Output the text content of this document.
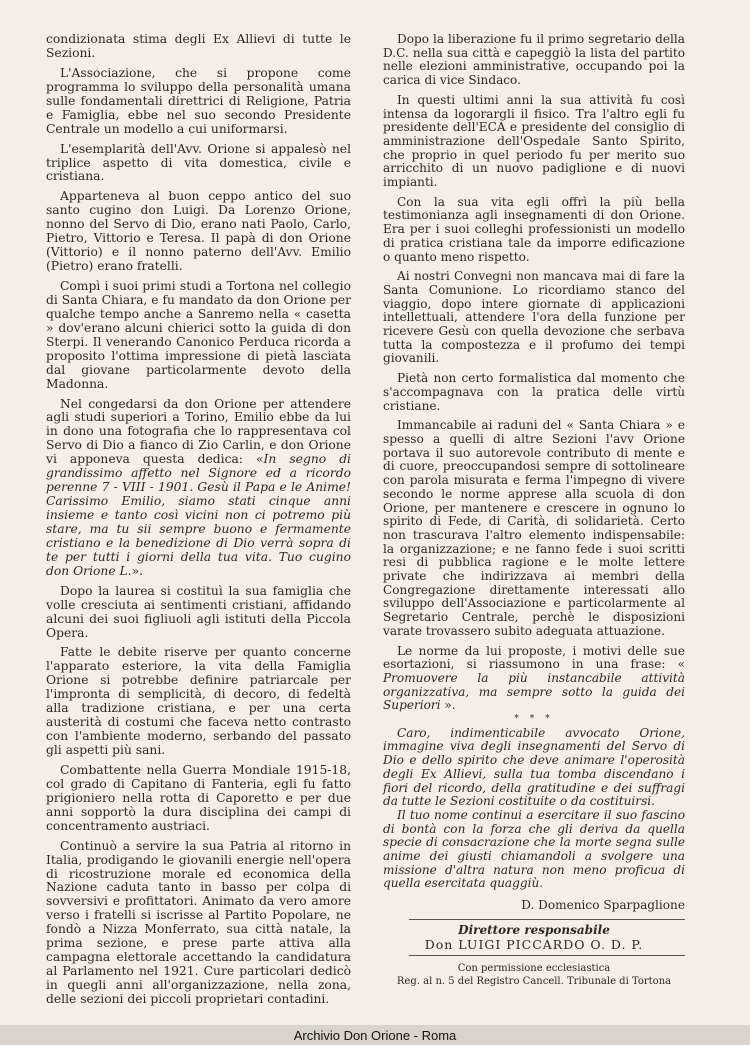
condizionata stima degli Ex Allievi di tutte le Sezioni.

L'Associazione, che si propone come programma lo sviluppo della personalità umana sulle fondamentali direttrici di Religione, Patria e Famiglia, ebbe nel suo secondo Presidente Centrale un modello a cui uniformarsi.

L'esemplarità dell'Avv. Orione si appalesò nel triplice aspetto di vita domestica, civile e cristiana.

Apparteneva al buon ceppo antico del suo santo cugino don Luigi. Da Lorenzo Orione, nonno del Servo di Dio, erano nati Paolo, Carlo, Pietro, Vittorio e Teresa. Il papà di don Orione (Vittorio) e il nonno paterno dell'Avv. Emilio (Pietro) erano fratelli.

Compì i suoi primi studi a Tortona nel collegio di Santa Chiara, e fu mandato da don Orione per qualche tempo anche a Sanremo nella « casetta » dov'erano alcuni chierici sotto la guida di don Sterpi. Il venerando Canonico Perduca ricorda a proposito l'ottima impressione di pietà lasciata dal giovane particolarmente devoto della Madonna.

Nel congedarsi da don Orione per attendere agli studi superiori a Torino, Emilio ebbe da lui in dono una fotografia che lo rappresentava col Servo di Dio a fianco di Zio Carlin, e don Orione vi apponeva questa dedica: «In segno di grandissimo affetto nel Signore ed a ricordo perenne 7 - VIII - 1901. Gesù il Papa e le Anime! Carissimo Emilio, siamo stati cinque anni insieme e tanto così vicini non ci potremo più stare, ma tu sii sempre buono e fermamente cristiano e la benedizione di Dio verrà sopra di te per tutti i giorni della tua vita. Tuo cugino don Orione L.».

Dopo la laurea si costituì la sua famiglia che volle cresciuta ai sentimenti cristiani, affidando alcuni dei suoi figliuoli agli istituti della Piccola Opera.

Fatte le debite riserve per quanto concerne l'apparato esteriore, la vita della Famiglia Orione si potrebbe definire patriarcale per l'impronta di semplicità, di decoro, di fedeltà alla tradizione cristiana, e per una certa austerità di costumi che faceva netto contrasto con l'ambiente moderno, serbando del passato gli aspetti più sani.

Combattente nella Guerra Mondiale 1915-18, col grado di Capitano di Fanteria, egli fu fatto prigioniero nella rotta di Caporetto e per due anni sopportò la dura disciplina dei campi di concentramento austriaci.

Continuò a servire la sua Patria al ritorno in Italia, prodigando le giovanili energie nell'opera di ricostruzione morale ed economica della Nazione caduta tanto in basso per colpa di sovversivi e profittatori. Animato da vero amore verso i fratelli si iscrisse al Partito Popolare, ne fondò a Nizza Monferrato, sua città natale, la prima sezione, e prese parte attiva alla campagna elettorale accettando la candidatura al Parlamento nel 1921. Cure particolari dedicò in quegli anni all'organizzazione, nella zona, delle sezioni dei piccoli proprietari contadini.

Dopo la liberazione fu il primo segretario della D.C. nella sua città e capeggiò la lista del partito nelle elezioni amministrative, occupando poi la carica di vice Sindaco.

In questi ultimi anni la sua attività fu così intensa da logorargli il fisico. Tra l'altro egli fu presidente dell'ECA e presidente del consiglio di amministrazione dell'Ospedale Santo Spirito, che proprio in quel periodo fu per merito suo arricchito di un nuovo padiglione e di nuovi impianti.

Con la sua vita egli offrì la più bella testimonianza agli insegnamenti di don Orione. Era per i suoi colleghi professionisti un modello di pratica cristiana tale da imporre edificazione o quanto meno rispetto.

Ai nostri Convegni non mancava mai di fare la Santa Comunione. Lo ricordiamo stanco del viaggio, dopo intere giornate di applicazioni intellettuali, attendere l'ora della funzione per ricevere Gesù con quella devozione che serbava tutta la compostezza e il profumo dei tempi giovanili.

Pietà non certo formalistica dal momento che s'accompagnava con la pratica delle virtù cristiane.

Immancabile ai raduni del « Santa Chiara » e spesso a quelli di altre Sezioni l'avv Orione portava il suo autorevole contributo di mente e di cuore, preoccupandosi sempre di sottolineare con parola misurata e ferma l'impegno di vivere secondo le norme apprese alla scuola di don Orione, per mantenere e crescere in ognuno lo spirito di Fede, di Carità, di solidarietà. Certo non trascurava l'altro elemento indispensabile: la organizzazione; e ne fanno fede i suoi scritti resi di pubblica ragione e le molte lettere private che indirizzava ai membri della Congregazione direttamente interessati allo sviluppo dell'Associazione e particolarmente al Segretario Centrale, perchè le disposizioni varate trovassero subito adeguata attuazione.

Le norme da lui proposte, i motivi delle sue esortazioni, si riassumono in una frase: « Promuovere la più instancabile attività organizzativa, ma sempre sotto la guida dei Superiori ».

* * *

Caro, indimenticabile avvocato Orione, immagine viva degli insegnamenti del Servo di Dio e dello spirito che deve animare l'operosità degli Ex Allievi, sulla tua tomba discendano i fiori del ricordo, della gratitudine e dei suffragi da tutte le Sezioni costituite o da costituirsi.

Il tuo nome continui a esercitare il suo fascino di bontà con la forza che gli deriva da quella specie di consacrazione che la morte segna sulle anime dei giusti chiamandoli a svolgere una missione d'altra natura non meno proficua di quella esercitata quaggiù.

D. Domenico Sparpaglione

Direttore responsabile

Don LUIGI PICCARDO O. D. P.

Con permissione ecclesiastica

Reg. al n. 5 del Registro Cancell. Tribunale di Tortona

Archivio Don Orione - Roma
